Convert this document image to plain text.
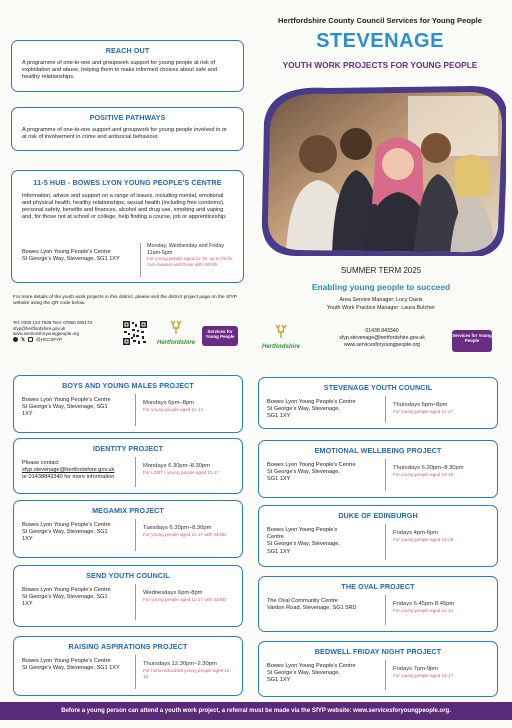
Hertfordshire County Council Services for Young People
STEVENAGE
YOUTH WORK PROJECTS FOR YOUNG PEOPLE
REACH OUT
A programme of one-to-one and groupwork support for young people at risk of exploitation and abuse, helping them to make informed choices about safe and healthy relationships.
POSITIVE PATHWAYS
A programme of one-to-one support and groupwork for young people involved in or at risk of involvement in crime and antisocial behaviour.
11-5 HUB - BOWES LYON YOUNG PEOPLE'S CENTRE
Information, advice and support on a range of issues, including mental, emotional and physical health, healthy relationships, sexual health (including free condoms), personal safety, benefits and finances, alcohol and drug use, smoking and vaping and, for those not at school or college, help finding a course, job or apprenticeship.
Bowes Lyon Young People's Centre
St George's Way, Stevenage, SG1 1XY
Monday, Wednesday and Friday 11am-5pm
For young people aged 11-19, up to 25 for care leavers and those with SEND
For more details of the youth work projects in this district, please visit the district project page on the SfYP website using the QR code below.
Tel: 0300 123 7538 Text: 07860 065173
sfyp@hertfordshire.gov.uk
www.servicesforyoungpeople.org
𝕏 @HCCSFYP
Hertfordshire
Services for Young People
Hertfordshire
01438 843340
sfyp.stevenage@hertfordshire.gov.uk
www.servicesforyoungpeople.org
Services for Young People
SUMMER TERM 2025
Enabling young people to succeed
Area Service Manager: Lucy Davis
Youth Work Practice Manager: Laura Butcher
BOYS AND YOUNG MALES PROJECT
Bowes Lyon Young People's Centre
St George's Way, Stevenage, SG1
1XY
Mondays 6pm–8pm
For young people aged 11-14
IDENTITY PROJECT
Please contact
sfyp.stevenage@hertfordshire.gov.uk
or 01438843340 for more information
Mondays 6.30pm–8.30pm
For LGBT+ young people aged 11-17
MEGAMIX PROJECT
Bowes Lyon Young People's Centre
St George's Way, Stevenage, SG1
1XY
Tuesdays 6.30pm–8.30pm
For young people aged 11-17 with SEND
SEND YOUTH COUNCIL
Bowes Lyon Young People's Centre
St George's Way, Stevenage, SG1
1XY
Wednesdays 6pm-8pm
For young people aged 11-17 with SEND
RAISING ASPIRATIONS PROJECT
Bowes Lyon Young People's Centre
St George's Way, Stevenage, SG1 1XY
Thursdays 12.30pm–2.30pm
For home educated young people aged 12-16
STEVENAGE YOUTH COUNCIL
Bowes Lyon Young People's Centre
St George's Way, Stevenage,
SG1 1XY
Thursdays 6pm–8pm
For young people aged 11-17
EMOTIONAL WELLBEING PROJECT
Bowes Lyon Young People's Centre
St George's Way, Stevenage,
SG1 1XY
Thursdays 6.30pm–8.30pm
For young people aged 12-15
DUKE OF EDINBURGH
Bowes Lyon Young People's
Centre
St George's Way, Stevenage,
SG1 1XY
Fridays 4pm-6pm
For young people aged 14-25
THE OVAL PROJECT
The Oval Community Centre
Vardon Road, Stevenage, SG1 5RD
Fridays 6.45pm-8.45pm
For young people aged 11-14
BEDWELL FRIDAY NIGHT PROJECT
Bowes Lyon Young People's Centre
St George's Way, Stevenage,
SG1 1XY
Fridays 7pm-9pm
For young people aged 14-17
Before a young person can attend a youth work project, a referral must be made via the SfYP website: www.servicesforyoungpeople.org.
